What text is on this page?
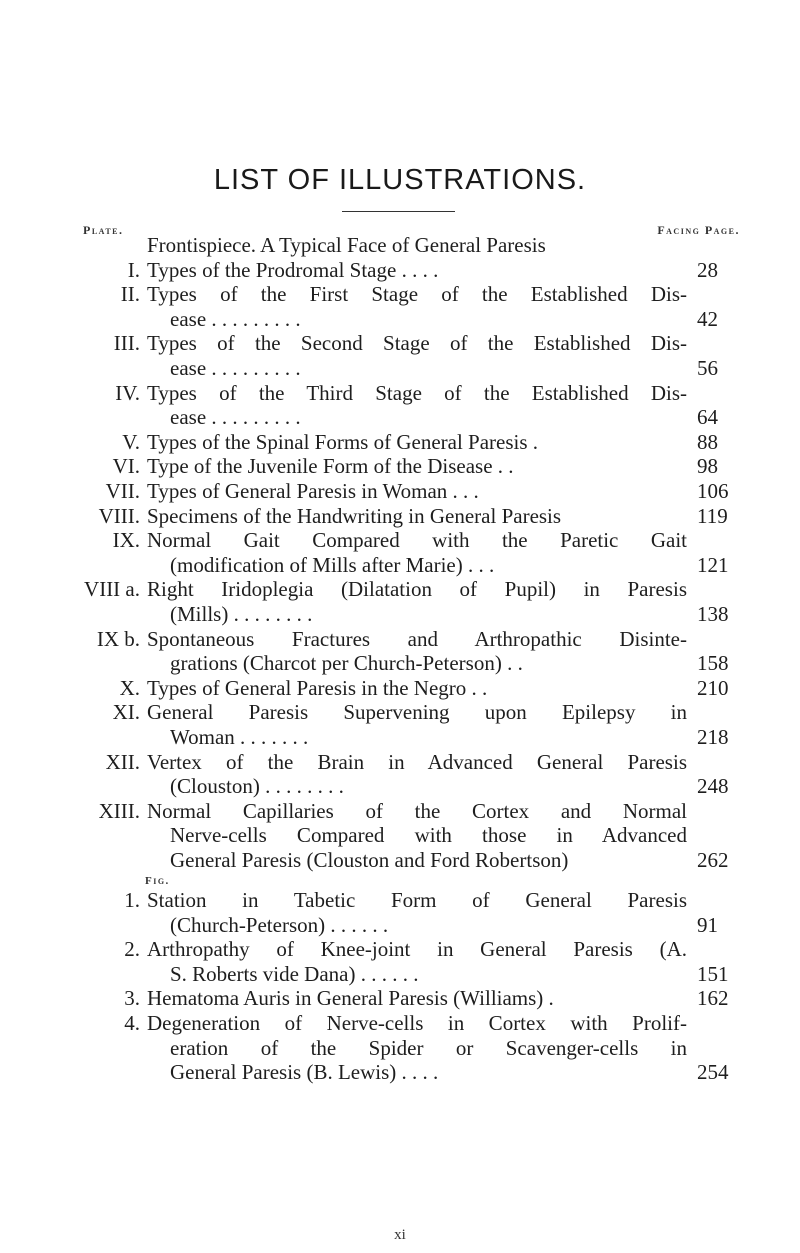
LIST OF ILLUSTRATIONS.
Plate.	Facing Page.
Fig.
Frontispiece. A Typical Face of General Paresis
I. Types of the Prodromal Stage . . . .	28
II. Types of the First Stage of the Established Dis-
ease . . . . . . . . .	42
III. Types of the Second Stage of the Established Dis-
ease . . . . . . . . .	56
IV. Types of the Third Stage of the Established Dis-
ease . . . . . . . . .	64
V. Types of the Spinal Forms of General Paresis .	88
VI. Type of the Juvenile Form of the Disease . .	98
VII. Types of General Paresis in Woman . . .	106
VIII. Specimens of the Handwriting in General Paresis	119
IX. Normal Gait Compared with the Paretic Gait
(modification of Mills after Marie) . . .	121
VIII a. Right Iridoplegia (Dilatation of Pupil) in Paresis
(Mills) . . . . . . . .	138
IX b. Spontaneous Fractures and Arthropathic Disinte-
grations (Charcot per Church-Peterson) . .	158
X. Types of General Paresis in the Negro . .	210
XI. General Paresis Supervening upon Epilepsy in
Woman . . . . . . .	218
XII. Vertex of the Brain in Advanced General Paresis
(Clouston) . . . . . . . .	248
XIII. Normal Capillaries of the Cortex and Normal
Nerve-cells Compared with those in Advanced
General Paresis (Clouston and Ford Robertson)	262
1. Station in Tabetic Form of General Paresis
(Church-Peterson) . . . . . .	91
2. Arthropathy of Knee-joint in General Paresis (A.
S. Roberts vide Dana) . . . . . .	151
3. Hematoma Auris in General Paresis (Williams) .	162
4. Degeneration of Nerve-cells in Cortex with Prolif-
eration of the Spider or Scavenger-cells in
General Paresis (B. Lewis) . . . .	254
xi
